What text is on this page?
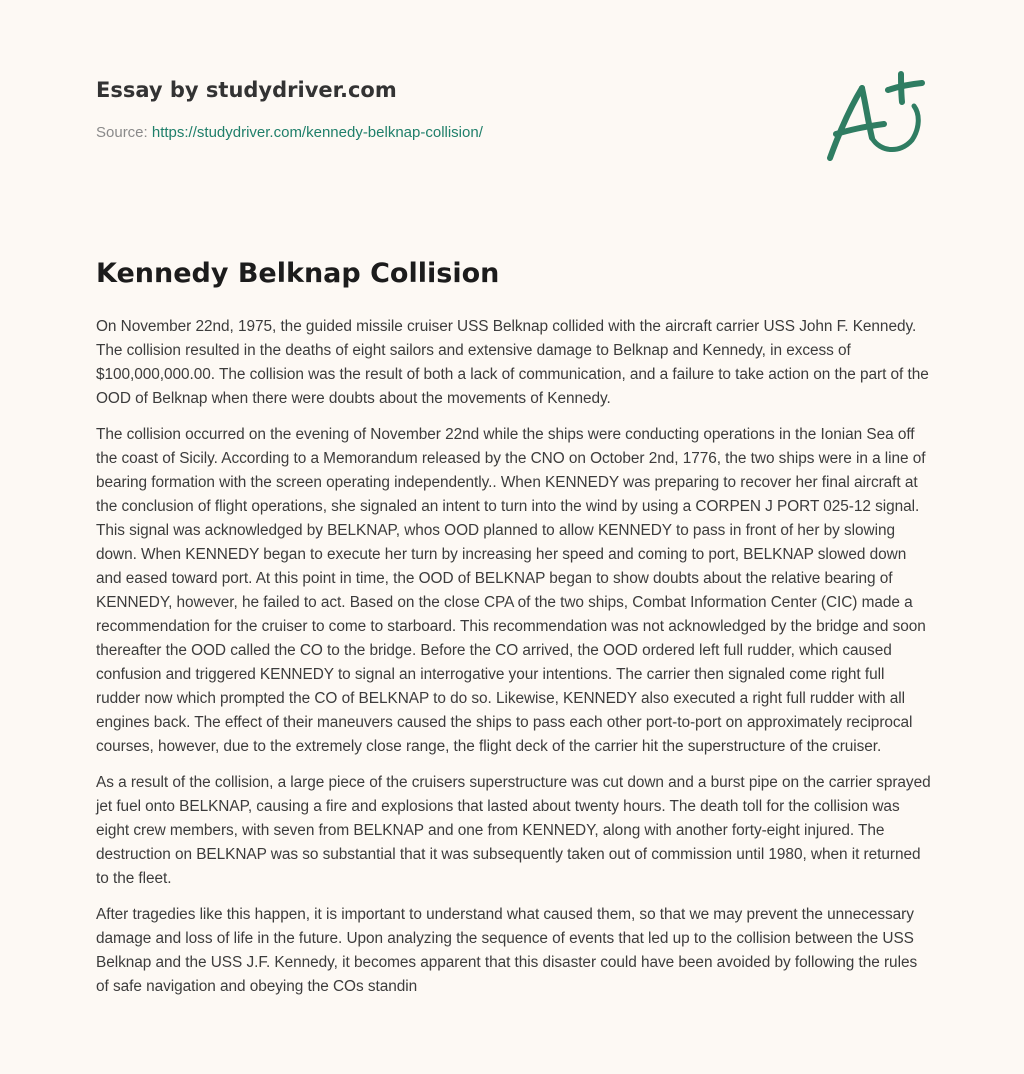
Essay by studydriver.com
Source: https://studydriver.com/kennedy-belknap-collision/
Kennedy Belknap Collision

On November 22nd, 1975, the guided missile cruiser USS Belknap collided with the aircraft carrier USS John F. Kennedy. The collision resulted in the deaths of eight sailors and extensive damage to Belknap and Kennedy, in excess of $100,000,000.00. The collision was the result of both a lack of communication, and a failure to take action on the part of the OOD of Belknap when there were doubts about the movements of Kennedy.

The collision occurred on the evening of November 22nd while the ships were conducting operations in the Ionian Sea off the coast of Sicily. According to a Memorandum released by the CNO on October 2nd, 1776, the two ships were in a line of bearing formation with the screen operating independently.. When KENNEDY was preparing to recover her final aircraft at the conclusion of flight operations, she signaled an intent to turn into the wind by using a CORPEN J PORT 025-12 signal. This signal was acknowledged by BELKNAP, whos OOD planned to allow KENNEDY to pass in front of her by slowing down. When KENNEDY began to execute her turn by increasing her speed and coming to port, BELKNAP slowed down and eased toward port. At this point in time, the OOD of BELKNAP began to show doubts about the relative bearing of KENNEDY, however, he failed to act. Based on the close CPA of the two ships, Combat Information Center (CIC) made a recommendation for the cruiser to come to starboard. This recommendation was not acknowledged by the bridge and soon thereafter the OOD called the CO to the bridge. Before the CO arrived, the OOD ordered left full rudder, which caused confusion and triggered KENNEDY to signal an interrogative your intentions. The carrier then signaled come right full rudder now which prompted the CO of BELKNAP to do so. Likewise, KENNEDY also executed a right full rudder with all engines back. The effect of their maneuvers caused the ships to pass each other port-to-port on approximately reciprocal courses, however, due to the extremely close range, the flight deck of the carrier hit the superstructure of the cruiser.

As a result of the collision, a large piece of the cruisers superstructure was cut down and a burst pipe on the carrier sprayed jet fuel onto BELKNAP, causing a fire and explosions that lasted about twenty hours. The death toll for the collision was eight crew members, with seven from BELKNAP and one from KENNEDY, along with another forty-eight injured. The destruction on BELKNAP was so substantial that it was subsequently taken out of commission until 1980, when it returned to the fleet.

After tragedies like this happen, it is important to understand what caused them, so that we may prevent the unnecessary damage and loss of life in the future. Upon analyzing the sequence of events that led up to the collision between the USS Belknap and the USS J.F. Kennedy, it becomes apparent that this disaster could have been avoided by following the rules of safe navigation and obeying the COs standin
